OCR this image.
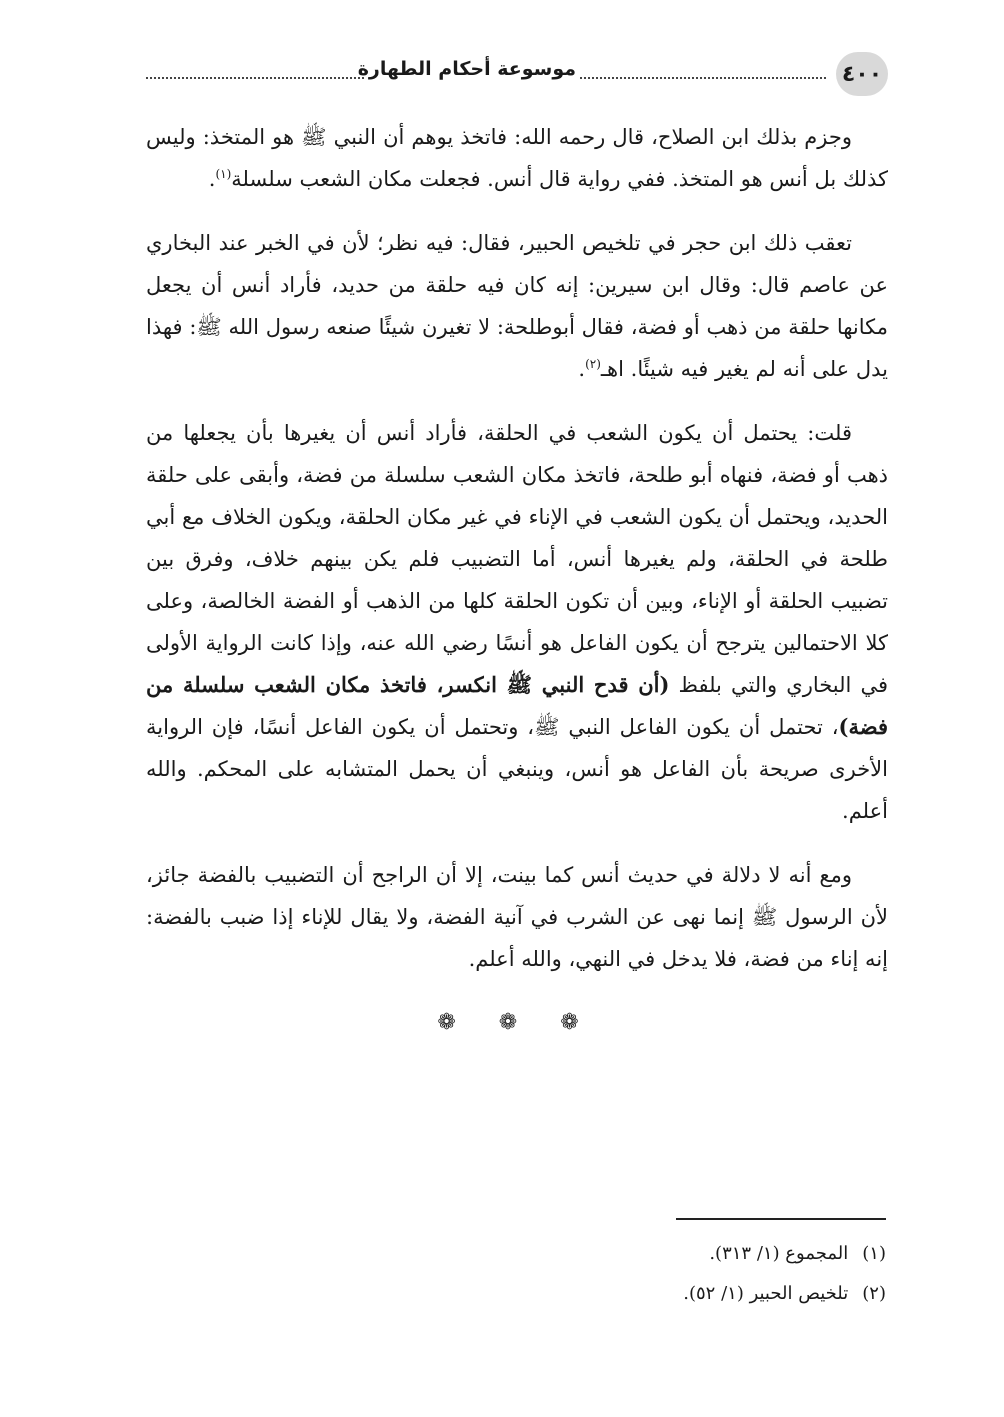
٤٠٠
موسوعة أحكام الطهارة

وجزم بذلك ابن الصلاح، قال رحمه الله: فاتخذ يوهم أن النبي ﷺ هو المتخذ: وليس كذلك بل أنس هو المتخذ. ففي رواية قال أنس. فجعلت مكان الشعب سلسلة$^{(١)}$.

تعقب ذلك ابن حجر في تلخيص الحبير، فقال: فيه نظر؛ لأن في الخبر عند البخاري عن عاصم قال: وقال ابن سيرين: إنه كان فيه حلقة من حديد، فأراد أنس أن يجعل مكانها حلقة من ذهب أو فضة، فقال أبوطلحة: لا تغيرن شيئًا صنعه رسول الله ﷺ: فهذا يدل على أنه لم يغير فيه شيئًا. اهـ$^{(٢)}$.

قلت: يحتمل أن يكون الشعب في الحلقة، فأراد أنس أن يغيرها بأن يجعلها من ذهب أو فضة، فنهاه أبو طلحة، فاتخذ مكان الشعب سلسلة من فضة، وأبقى على حلقة الحديد، ويحتمل أن يكون الشعب في الإناء في غير مكان الحلقة، ويكون الخلاف مع أبي طلحة في الحلقة، ولم يغيرها أنس، أما التضبيب فلم يكن بينهم خلاف، وفرق بين تضبيب الحلقة أو الإناء، وبين أن تكون الحلقة كلها من الذهب أو الفضة الخالصة، وعلى كلا الاحتمالين يترجح أن يكون الفاعل هو أنسًا رضي الله عنه، وإذا كانت الرواية الأولى في البخاري والتي بلفظ (أن قدح النبي ﷺ انكسر، فاتخذ مكان الشعب سلسلة من فضة)، تحتمل أن يكون الفاعل النبي ﷺ، وتحتمل أن يكون الفاعل أنسًا، فإن الرواية الأخرى صريحة بأن الفاعل هو أنس، وينبغي أن يحمل المتشابه على المحكم. والله أعلم.

ومع أنه لا دلالة في حديث أنس كما بينت، إلا أن الراجح أن التضبيب بالفضة جائز، لأن الرسول ﷺ إنما نهى عن الشرب في آنية الفضة، ولا يقال للإناء إذا ضبب بالفضة: إنه إناء من فضة، فلا يدخل في النهي، والله أعلم.

❁ ❁ ❁

(١)المجموع (١/ ٣١٣).

(٢)تلخيص الحبير (١/ ٥٢).
